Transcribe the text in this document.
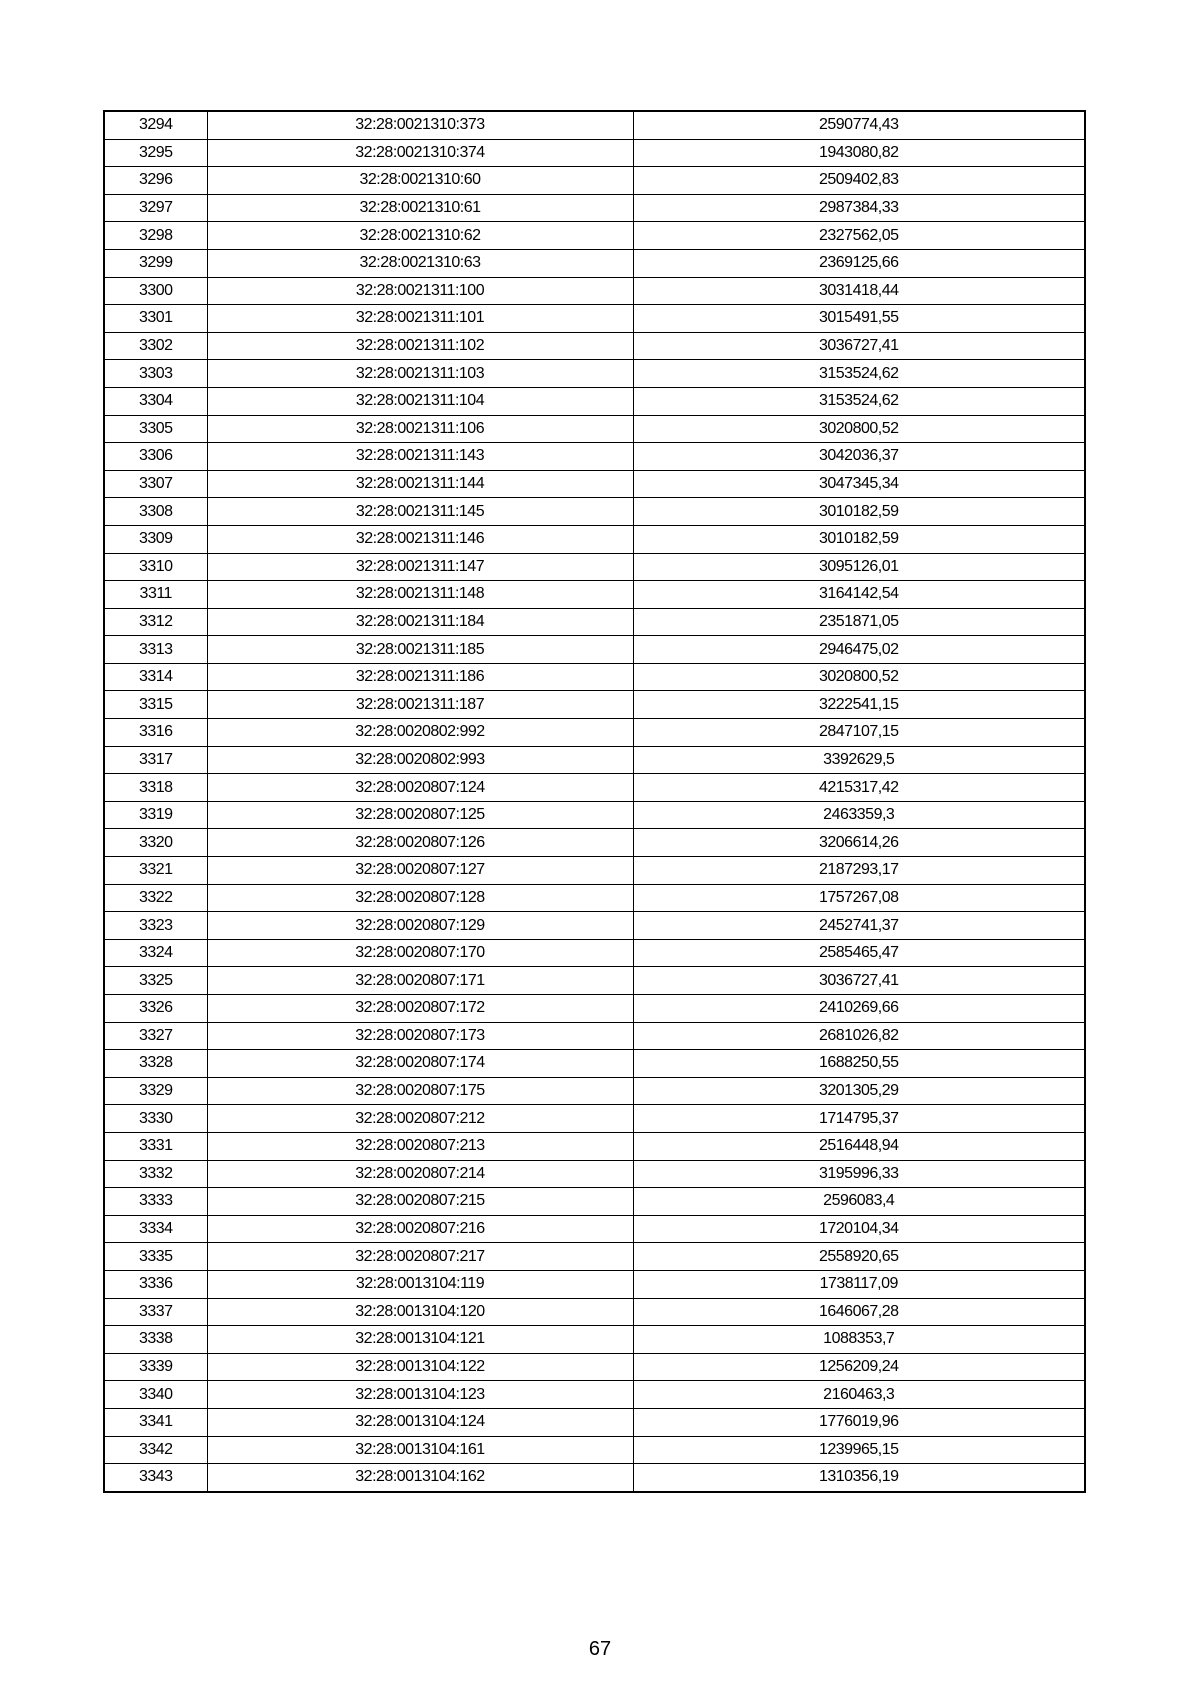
3294	32:28:0021310:373	2590774,43
3295	32:28:0021310:374	1943080,82
3296	32:28:0021310:60	2509402,83
3297	32:28:0021310:61	2987384,33
3298	32:28:0021310:62	2327562,05
3299	32:28:0021310:63	2369125,66
3300	32:28:0021311:100	3031418,44
3301	32:28:0021311:101	3015491,55
3302	32:28:0021311:102	3036727,41
3303	32:28:0021311:103	3153524,62
3304	32:28:0021311:104	3153524,62
3305	32:28:0021311:106	3020800,52
3306	32:28:0021311:143	3042036,37
3307	32:28:0021311:144	3047345,34
3308	32:28:0021311:145	3010182,59
3309	32:28:0021311:146	3010182,59
3310	32:28:0021311:147	3095126,01
3311	32:28:0021311:148	3164142,54
3312	32:28:0021311:184	2351871,05
3313	32:28:0021311:185	2946475,02
3314	32:28:0021311:186	3020800,52
3315	32:28:0021311:187	3222541,15
3316	32:28:0020802:992	2847107,15
3317	32:28:0020802:993	3392629,5
3318	32:28:0020807:124	4215317,42
3319	32:28:0020807:125	2463359,3
3320	32:28:0020807:126	3206614,26
3321	32:28:0020807:127	2187293,17
3322	32:28:0020807:128	1757267,08
3323	32:28:0020807:129	2452741,37
3324	32:28:0020807:170	2585465,47
3325	32:28:0020807:171	3036727,41
3326	32:28:0020807:172	2410269,66
3327	32:28:0020807:173	2681026,82
3328	32:28:0020807:174	1688250,55
3329	32:28:0020807:175	3201305,29
3330	32:28:0020807:212	1714795,37
3331	32:28:0020807:213	2516448,94
3332	32:28:0020807:214	3195996,33
3333	32:28:0020807:215	2596083,4
3334	32:28:0020807:216	1720104,34
3335	32:28:0020807:217	2558920,65
3336	32:28:0013104:119	1738117,09
3337	32:28:0013104:120	1646067,28
3338	32:28:0013104:121	1088353,7
3339	32:28:0013104:122	1256209,24
3340	32:28:0013104:123	2160463,3
3341	32:28:0013104:124	1776019,96
3342	32:28:0013104:161	1239965,15
3343	32:28:0013104:162	1310356,19
67
